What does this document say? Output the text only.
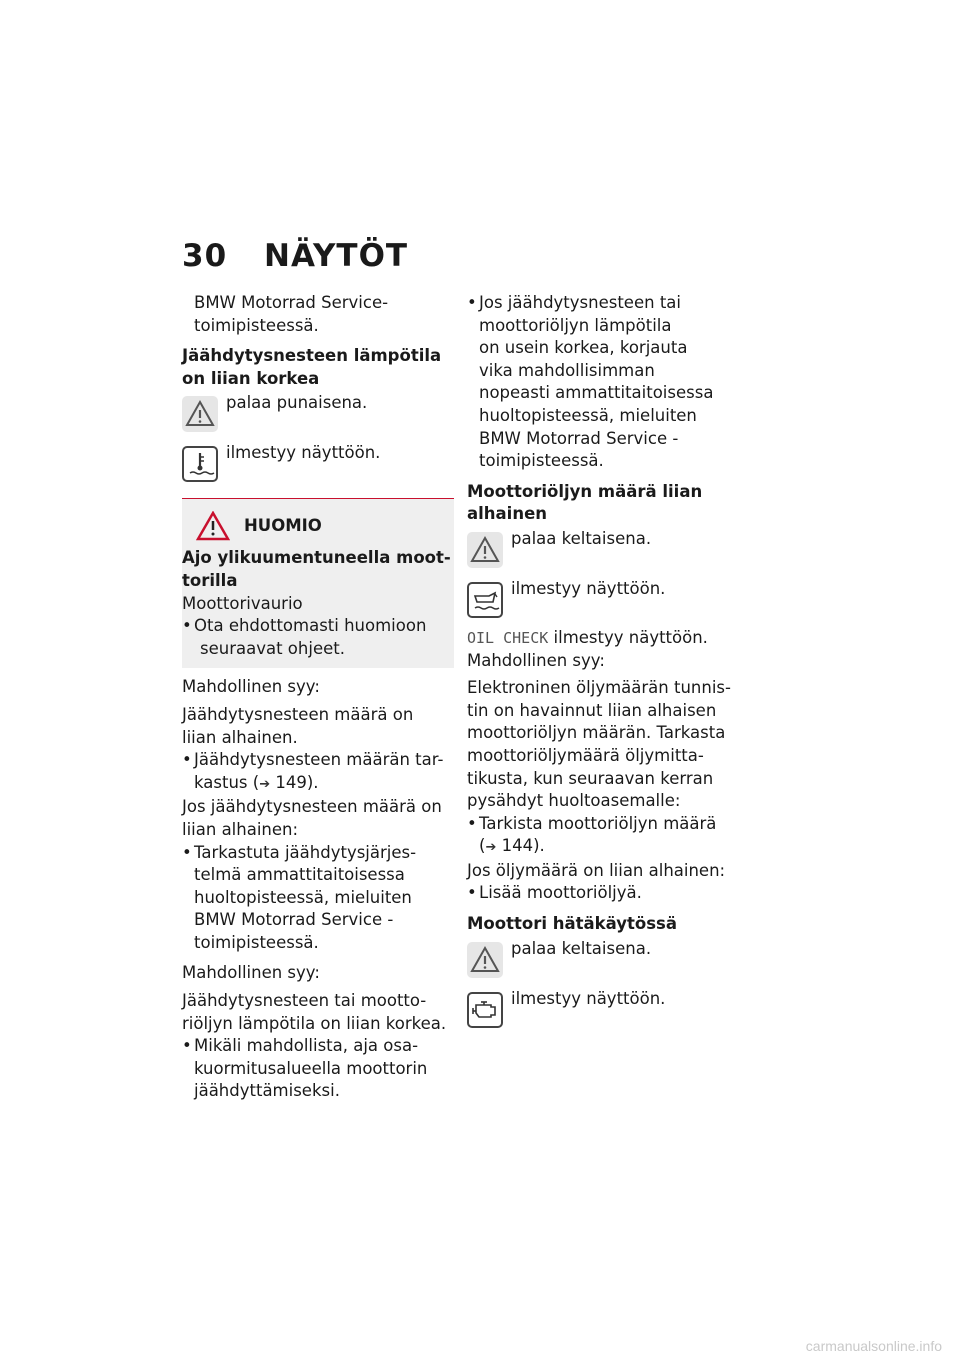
30 NÄYTÖT

BMW Motorrad Service-

toimipisteessä.

Jäähdytysnesteen lämpötila

on liian korkea

palaa punaisena.

ilmestyy näyttöön.

HUOMIO

Ajo ylikuumentuneella moot-

torilla

Moottorivaurio

• Ota ehdottomasti huomioon

seuraavat ohjeet.

Mahdollinen syy:

Jäähdytysnesteen määrä on

liian alhainen.

• Jäähdytysnesteen määrän tar-

kastus (➔ 149).

Jos jäähdytysnesteen määrä on

liian alhainen:

• Tarkastuta jäähdytysjärjes-

telmä ammattitaitoisessa

huoltopisteessä, mieluiten

BMW Motorrad Service -

toimipisteessä.

Mahdollinen syy:

Jäähdytysnesteen tai mootto-

riöljyn lämpötila on liian korkea.

• Mikäli mahdollista, aja osa-

kuormitusalueella moottorin

jäähdyttämiseksi.

• Jos jäähdytysnesteen tai

moottoriöljyn lämpötila

on usein korkea, korjauta

vika mahdollisimman

nopeasti ammattitaitoisessa

huoltopisteessä, mieluiten

BMW Motorrad Service -

toimipisteessä.

Moottoriöljyn määrä liian

alhainen

palaa keltaisena.

ilmestyy näyttöön.

OIL CHECK ilmestyy näyttöön.

Mahdollinen syy:

Elektroninen öljymäärän tunnis-

tin on havainnut liian alhaisen

moottoriöljyn määrän. Tarkasta

moottoriöljymäärä öljymitta-

tikusta, kun seuraavan kerran

pysähdyt huoltoasemalle:

• Tarkista moottoriöljyn määrä

(➔ 144).

Jos öljymäärä on liian alhainen:

• Lisää moottoriöljyä.

Moottori hätäkäytössä

palaa keltaisena.

ilmestyy näyttöön.

carmanualsonline.info
